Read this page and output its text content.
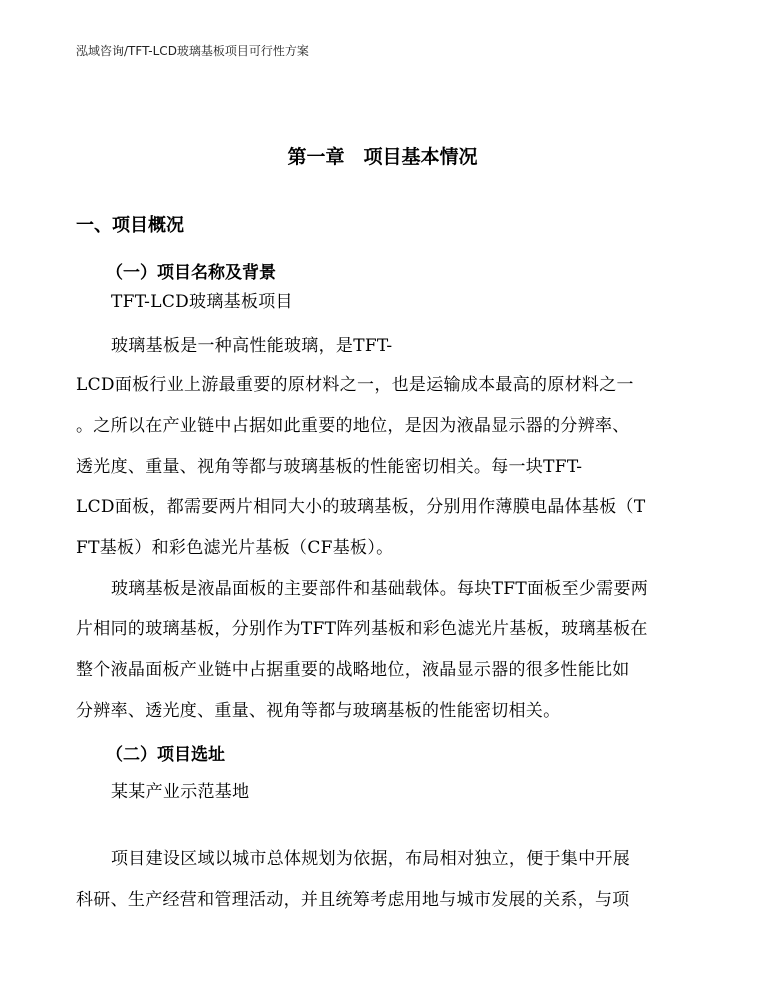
泓域咨询/TFT-LCD玻璃基板项目可行性方案
第一章　项目基本情况
一、项目概况
（一）项目名称及背景
TFT-LCD玻璃基板项目
玻璃基板是一种高性能玻璃，是TFT-
LCD面板行业上游最重要的原材料之一，也是运输成本最高的原材料之一
。之所以在产业链中占据如此重要的地位，是因为液晶显示器的分辨率、
透光度、重量、视角等都与玻璃基板的性能密切相关。每一块TFT-
LCD面板，都需要两片相同大小的玻璃基板，分别用作薄膜电晶体基板（T
FT基板）和彩色滤光片基板（CF基板）。
玻璃基板是液晶面板的主要部件和基础载体。每块TFT面板至少需要两
片相同的玻璃基板，分别作为TFT阵列基板和彩色滤光片基板，玻璃基板在
整个液晶面板产业链中占据重要的战略地位，液晶显示器的很多性能比如
分辨率、透光度、重量、视角等都与玻璃基板的性能密切相关。
（二）项目选址
某某产业示范基地
项目建设区域以城市总体规划为依据，布局相对独立，便于集中开展
科研、生产经营和管理活动，并且统筹考虑用地与城市发展的关系，与项
